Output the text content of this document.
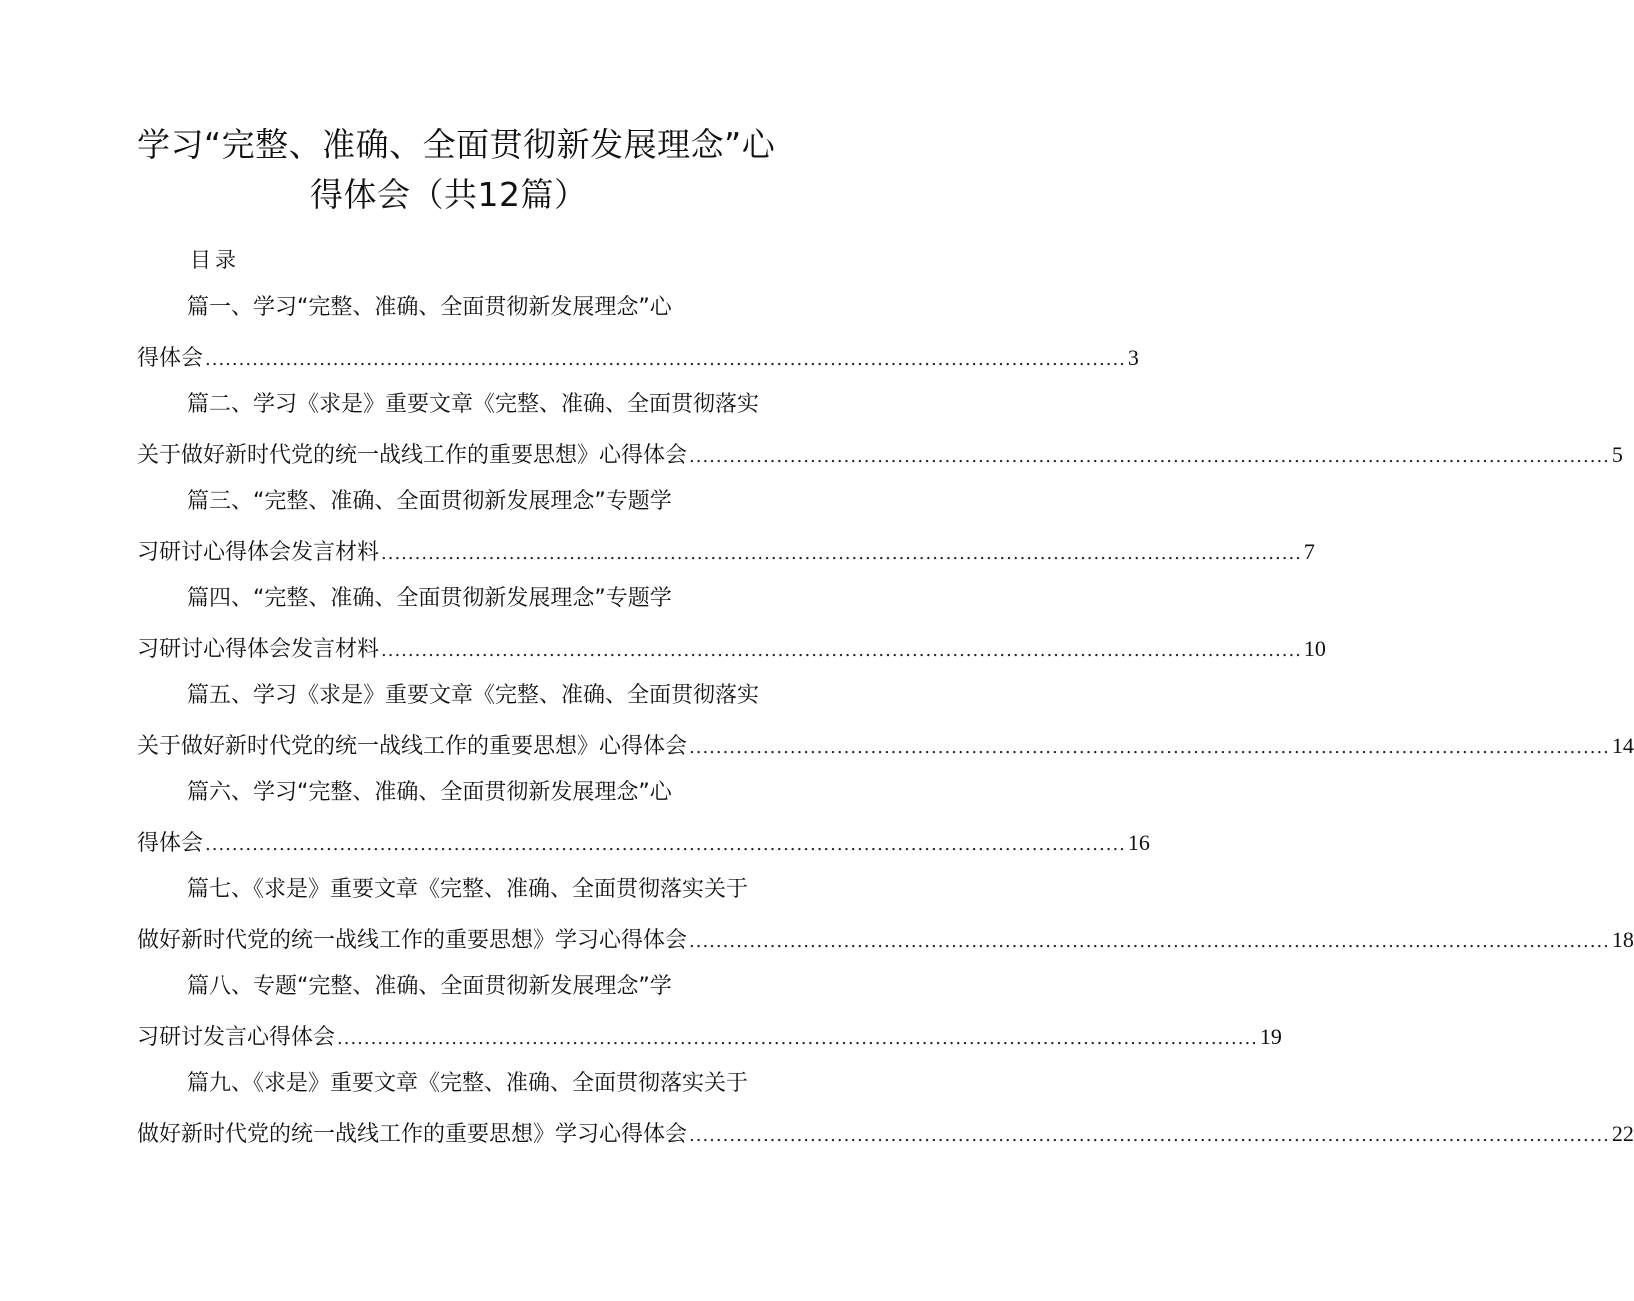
学习“完整、准确、全面贯彻新发展理念”心
得体会（共12篇）
目录
篇一、学习“完整、准确、全面贯彻新发展理念”心
得体会 ......................................................................................................................................... 3
篇二、学习《求是》重要文章《完整、准确、全面贯彻落实
关于做好新时代党的统一战线工作的重要思想》心得体会 ......................................................................................................................................... 5
篇三、“完整、准确、全面贯彻新发展理念”专题学
习研讨心得体会发言材料 ......................................................................................................................................... 7
篇四、“完整、准确、全面贯彻新发展理念”专题学
习研讨心得体会发言材料 ......................................................................................................................................... 10
篇五、学习《求是》重要文章《完整、准确、全面贯彻落实
关于做好新时代党的统一战线工作的重要思想》心得体会 ......................................................................................................................................... 14
篇六、学习“完整、准确、全面贯彻新发展理念”心
得体会 ......................................................................................................................................... 16
篇七、《求是》重要文章《完整、准确、全面贯彻落实关于
做好新时代党的统一战线工作的重要思想》学习心得体会 ......................................................................................................................................... 18
篇八、专题“完整、准确、全面贯彻新发展理念”学
习研讨发言心得体会 ......................................................................................................................................... 19
篇九、《求是》重要文章《完整、准确、全面贯彻落实关于
做好新时代党的统一战线工作的重要思想》学习心得体会 ......................................................................................................................................... 22
